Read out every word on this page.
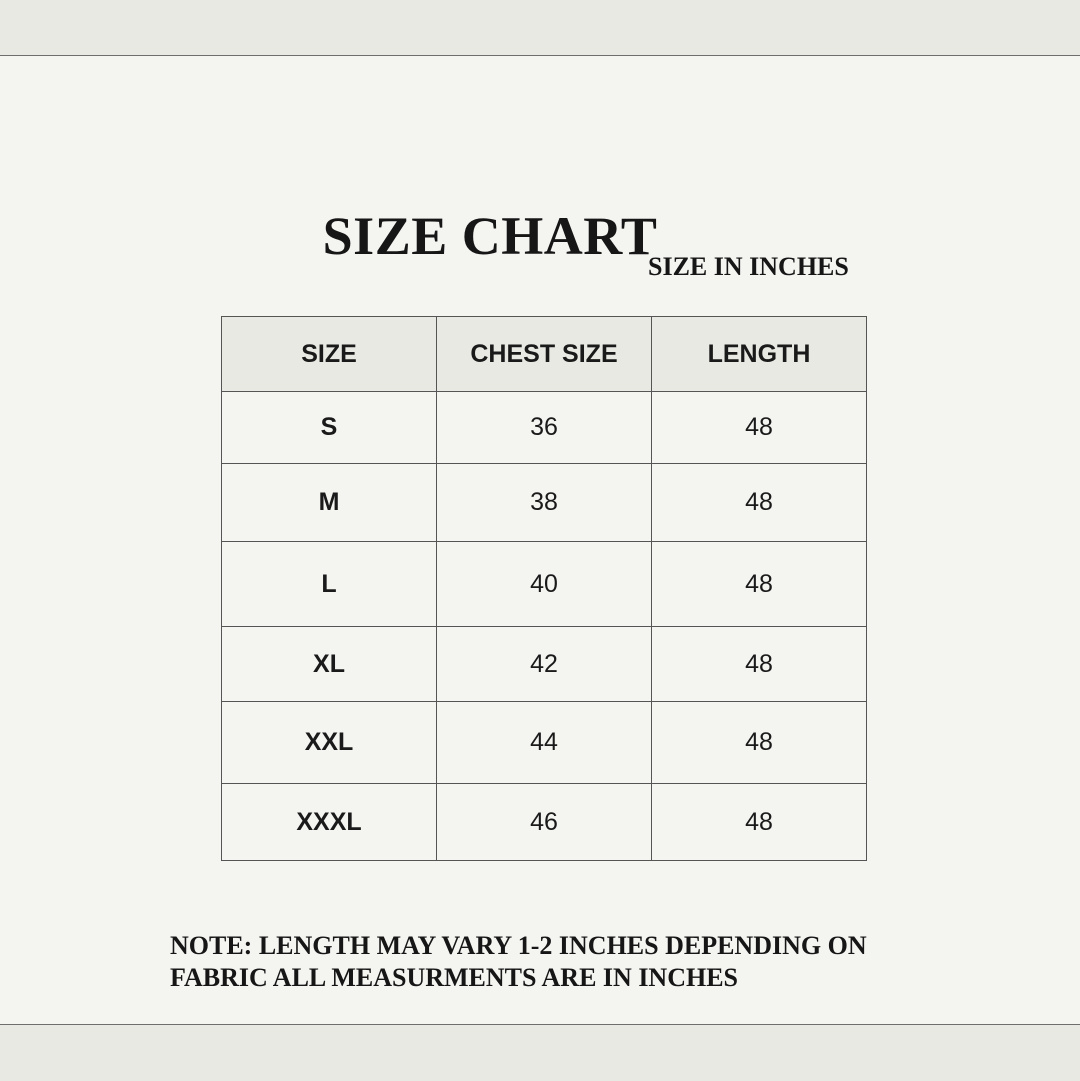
SIZE CHART
SIZE IN INCHES
SIZE	CHEST SIZE	LENGTH
S	36	48
M	38	48
L	40	48
XL	42	48
XXL	44	48
XXXL	46	48

NOTE: LENGTH MAY VARY 1-2 INCHES DEPENDING ON FABRIC ALL MEASURMENTS ARE IN INCHES
